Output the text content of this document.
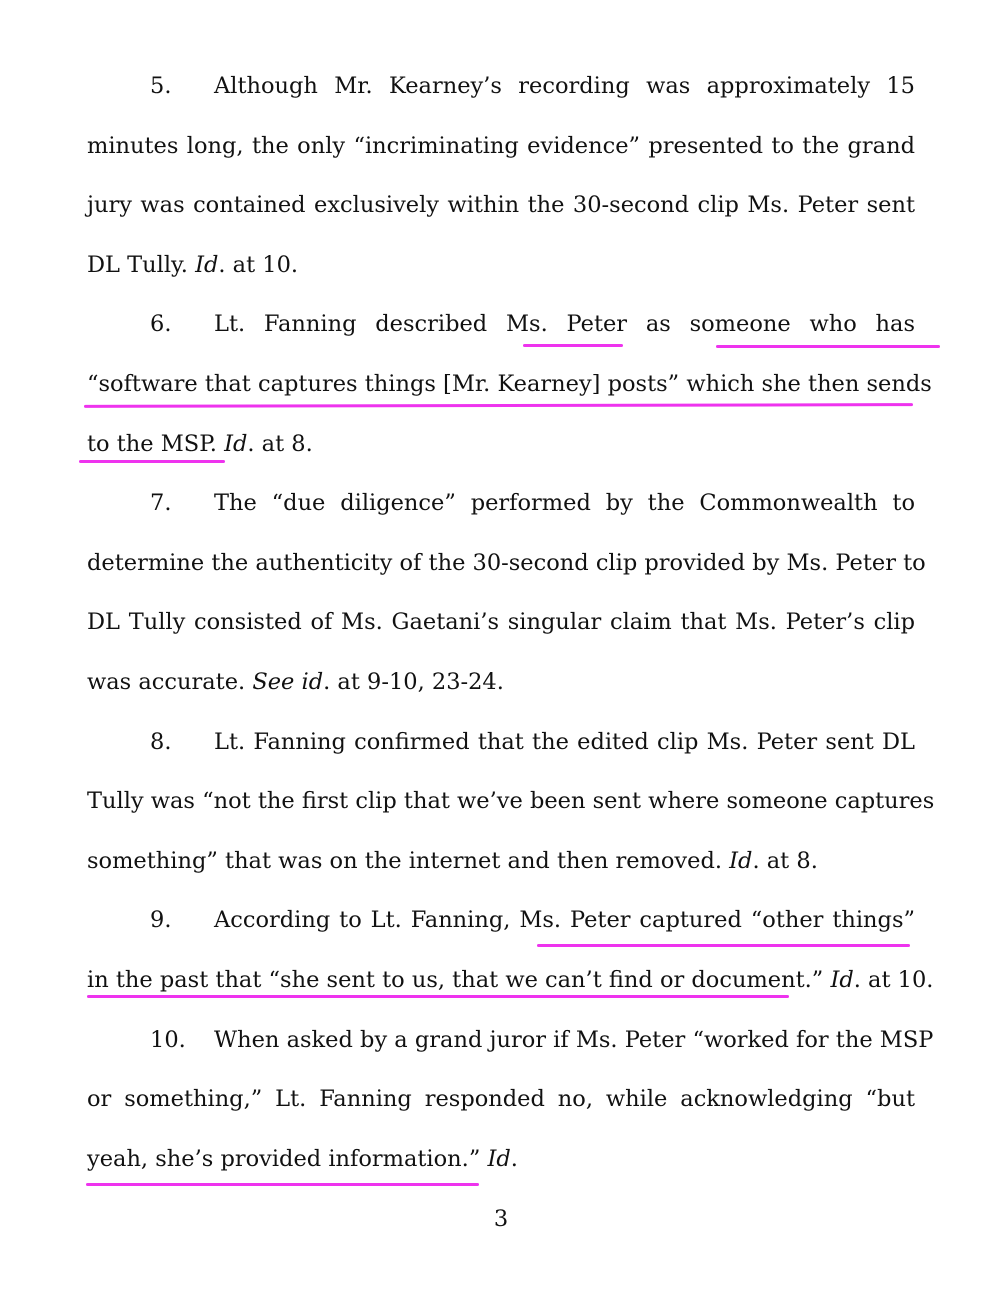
5. Although Mr. Kearney’s recording was approximately 15
minutes long, the only “incriminating evidence” presented to the grand
jury was contained exclusively within the 30-second clip Ms. Peter sent
DL Tully. Id. at 10.
6. Lt. Fanning described Ms. Peter as someone who has
“software that captures things [Mr. Kearney] posts” which she then sends
to the MSP. Id. at 8.
7. The “due diligence” performed by the Commonwealth to
determine the authenticity of the 30-second clip provided by Ms. Peter to
DL Tully consisted of Ms. Gaetani’s singular claim that Ms. Peter’s clip
was accurate. See id. at 9-10, 23-24.
8. Lt. Fanning confirmed that the edited clip Ms. Peter sent DL
Tully was “not the first clip that we’ve been sent where someone captures
something” that was on the internet and then removed. Id. at 8.
9. According to Lt. Fanning, Ms. Peter captured “other things”
in the past that “she sent to us, that we can’t find or document.” Id. at 10.
10. When asked by a grand juror if Ms. Peter “worked for the MSP
or something,” Lt. Fanning responded no, while acknowledging “but
yeah, she’s provided information.” Id.
3
